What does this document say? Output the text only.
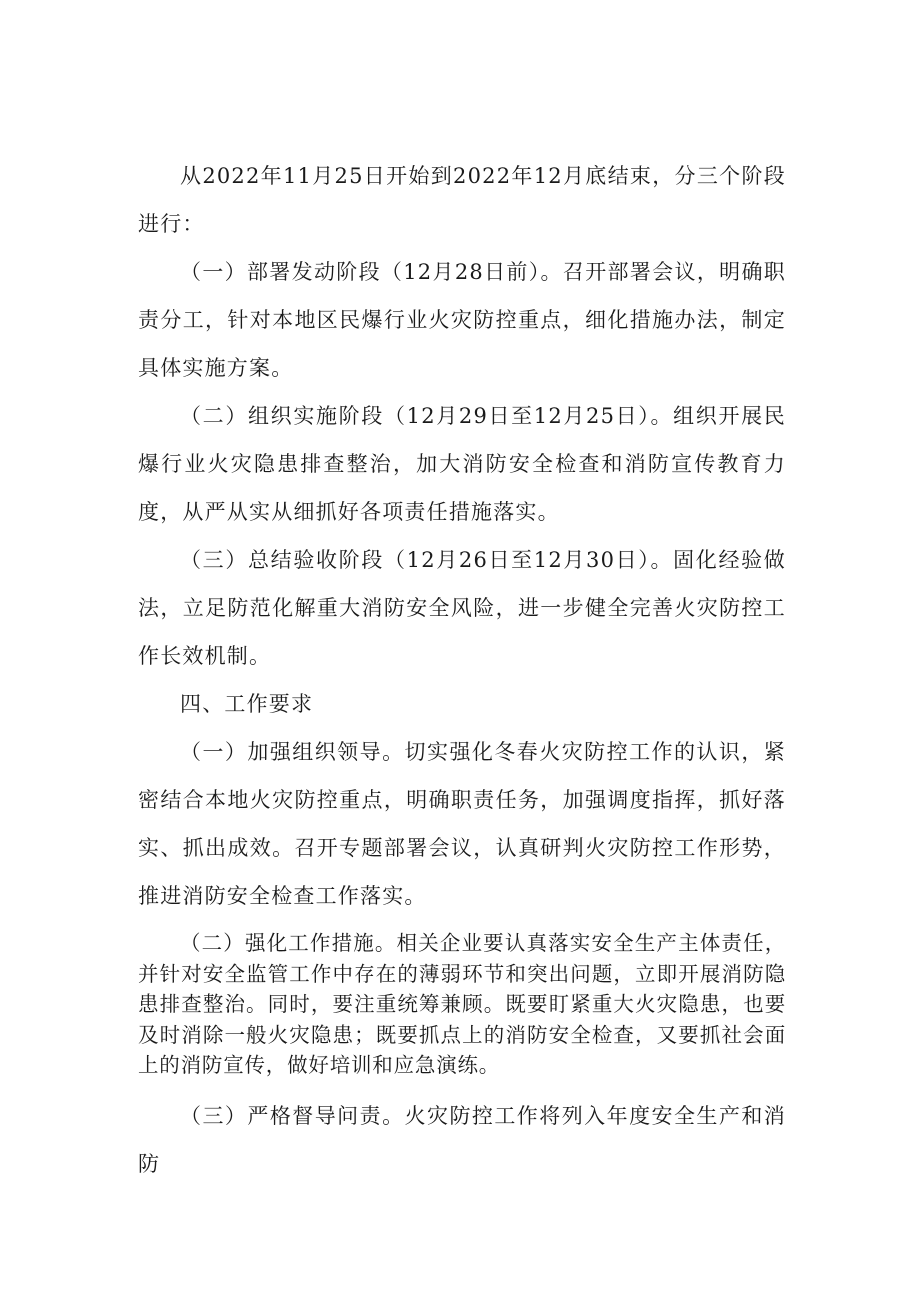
从2022年11月25日开始到2022年12月底结束，分三个阶段进行：

（一）部署发动阶段（12月28日前）。召开部署会议，明确职责分工，针对本地区民爆行业火灾防控重点，细化措施办法，制定具体实施方案。

（二）组织实施阶段（12月29日至12月25日）。组织开展民爆行业火灾隐患排查整治，加大消防安全检查和消防宣传教育力度，从严从实从细抓好各项责任措施落实。

（三）总结验收阶段（12月26日至12月30日）。固化经验做法，立足防范化解重大消防安全风险，进一步健全完善火灾防控工作长效机制。

四、工作要求

（一）加强组织领导。切实强化冬春火灾防控工作的认识，紧密结合本地火灾防控重点，明确职责任务，加强调度指挥，抓好落实、抓出成效。召开专题部署会议，认真研判火灾防控工作形势，推进消防安全检查工作落实。

（二）强化工作措施。相关企业要认真落实安全生产主体责任，并针对安全监管工作中存在的薄弱环节和突出问题，立即开展消防隐患排查整治。同时，要注重统筹兼顾。既要盯紧重大火灾隐患，也要及时消除一般火灾隐患；既要抓点上的消防安全检查，又要抓社会面上的消防宣传，做好培训和应急演练。

（三）严格督导问责。火灾防控工作将列入年度安全生产和消防
